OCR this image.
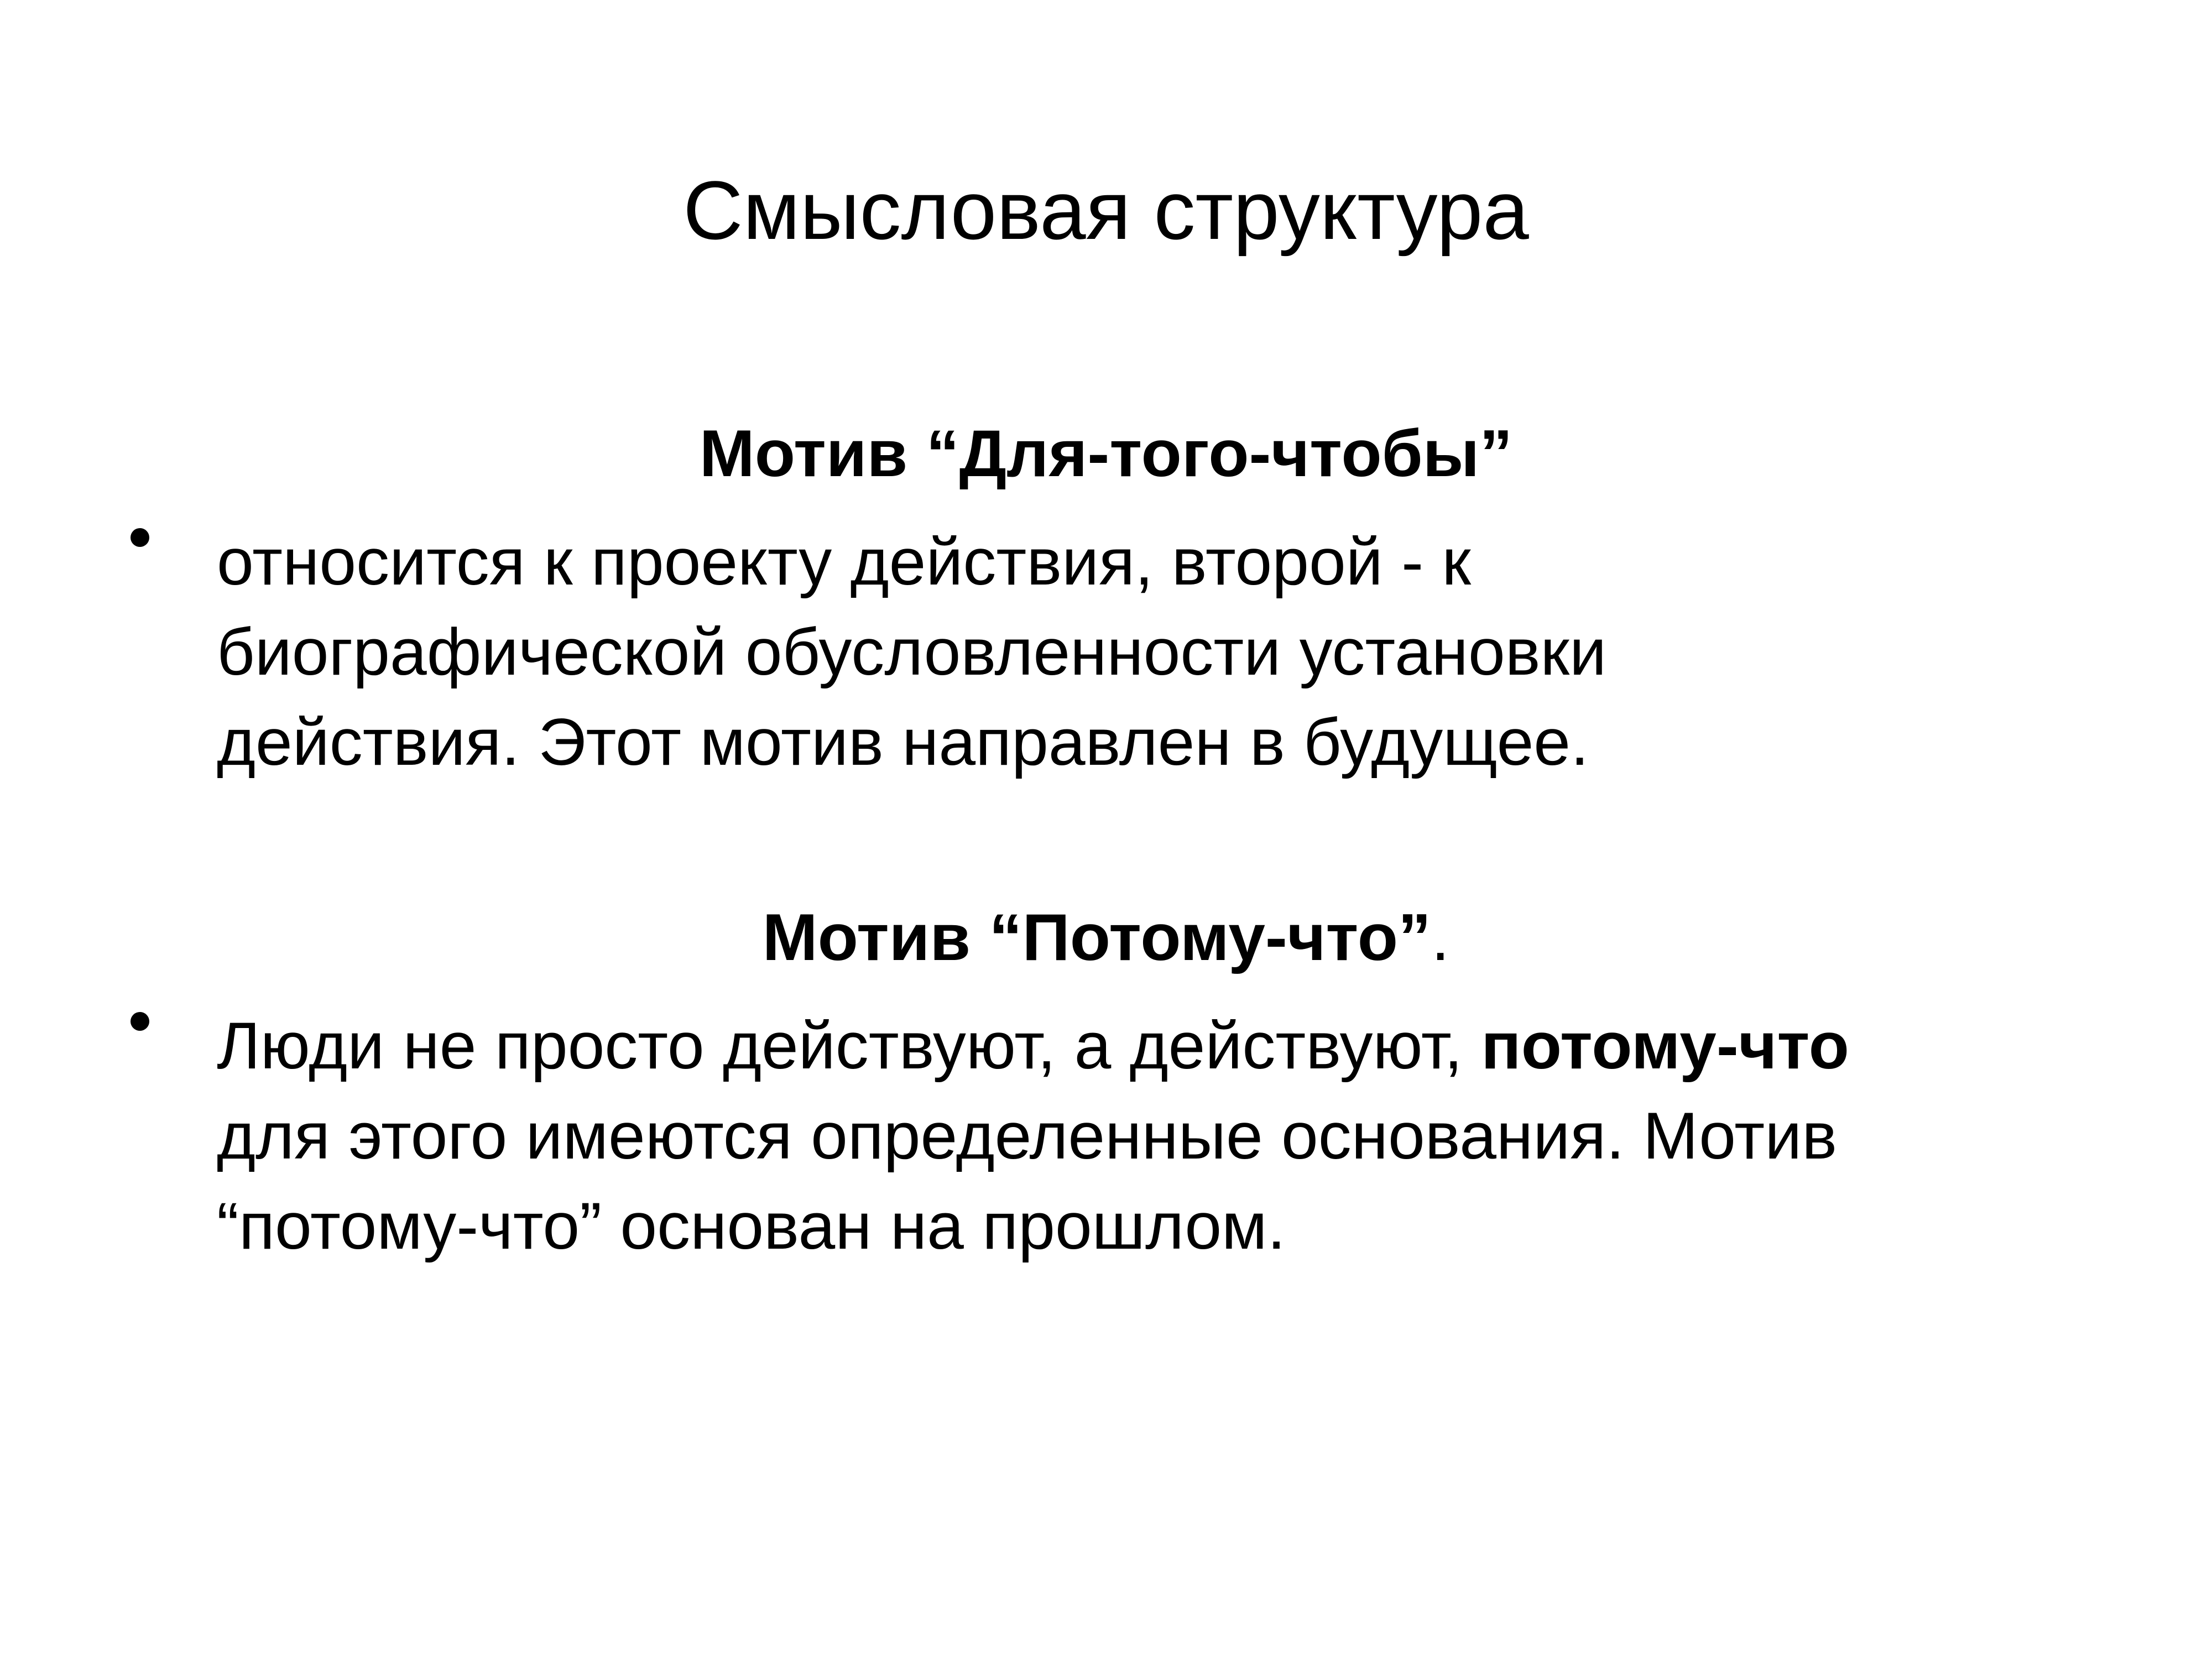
Смысловая структура
Мотив “Для-того-чтобы”
относится к проекту действия, второй - к
биографической обусловленности установки
действия. Этот мотив направлен в будущее.
Мотив “Потому-что”.
Люди не просто действуют, а действуют, потому-что
для этого имеются определенные основания. Мотив
“потому-что” основан на прошлом.
